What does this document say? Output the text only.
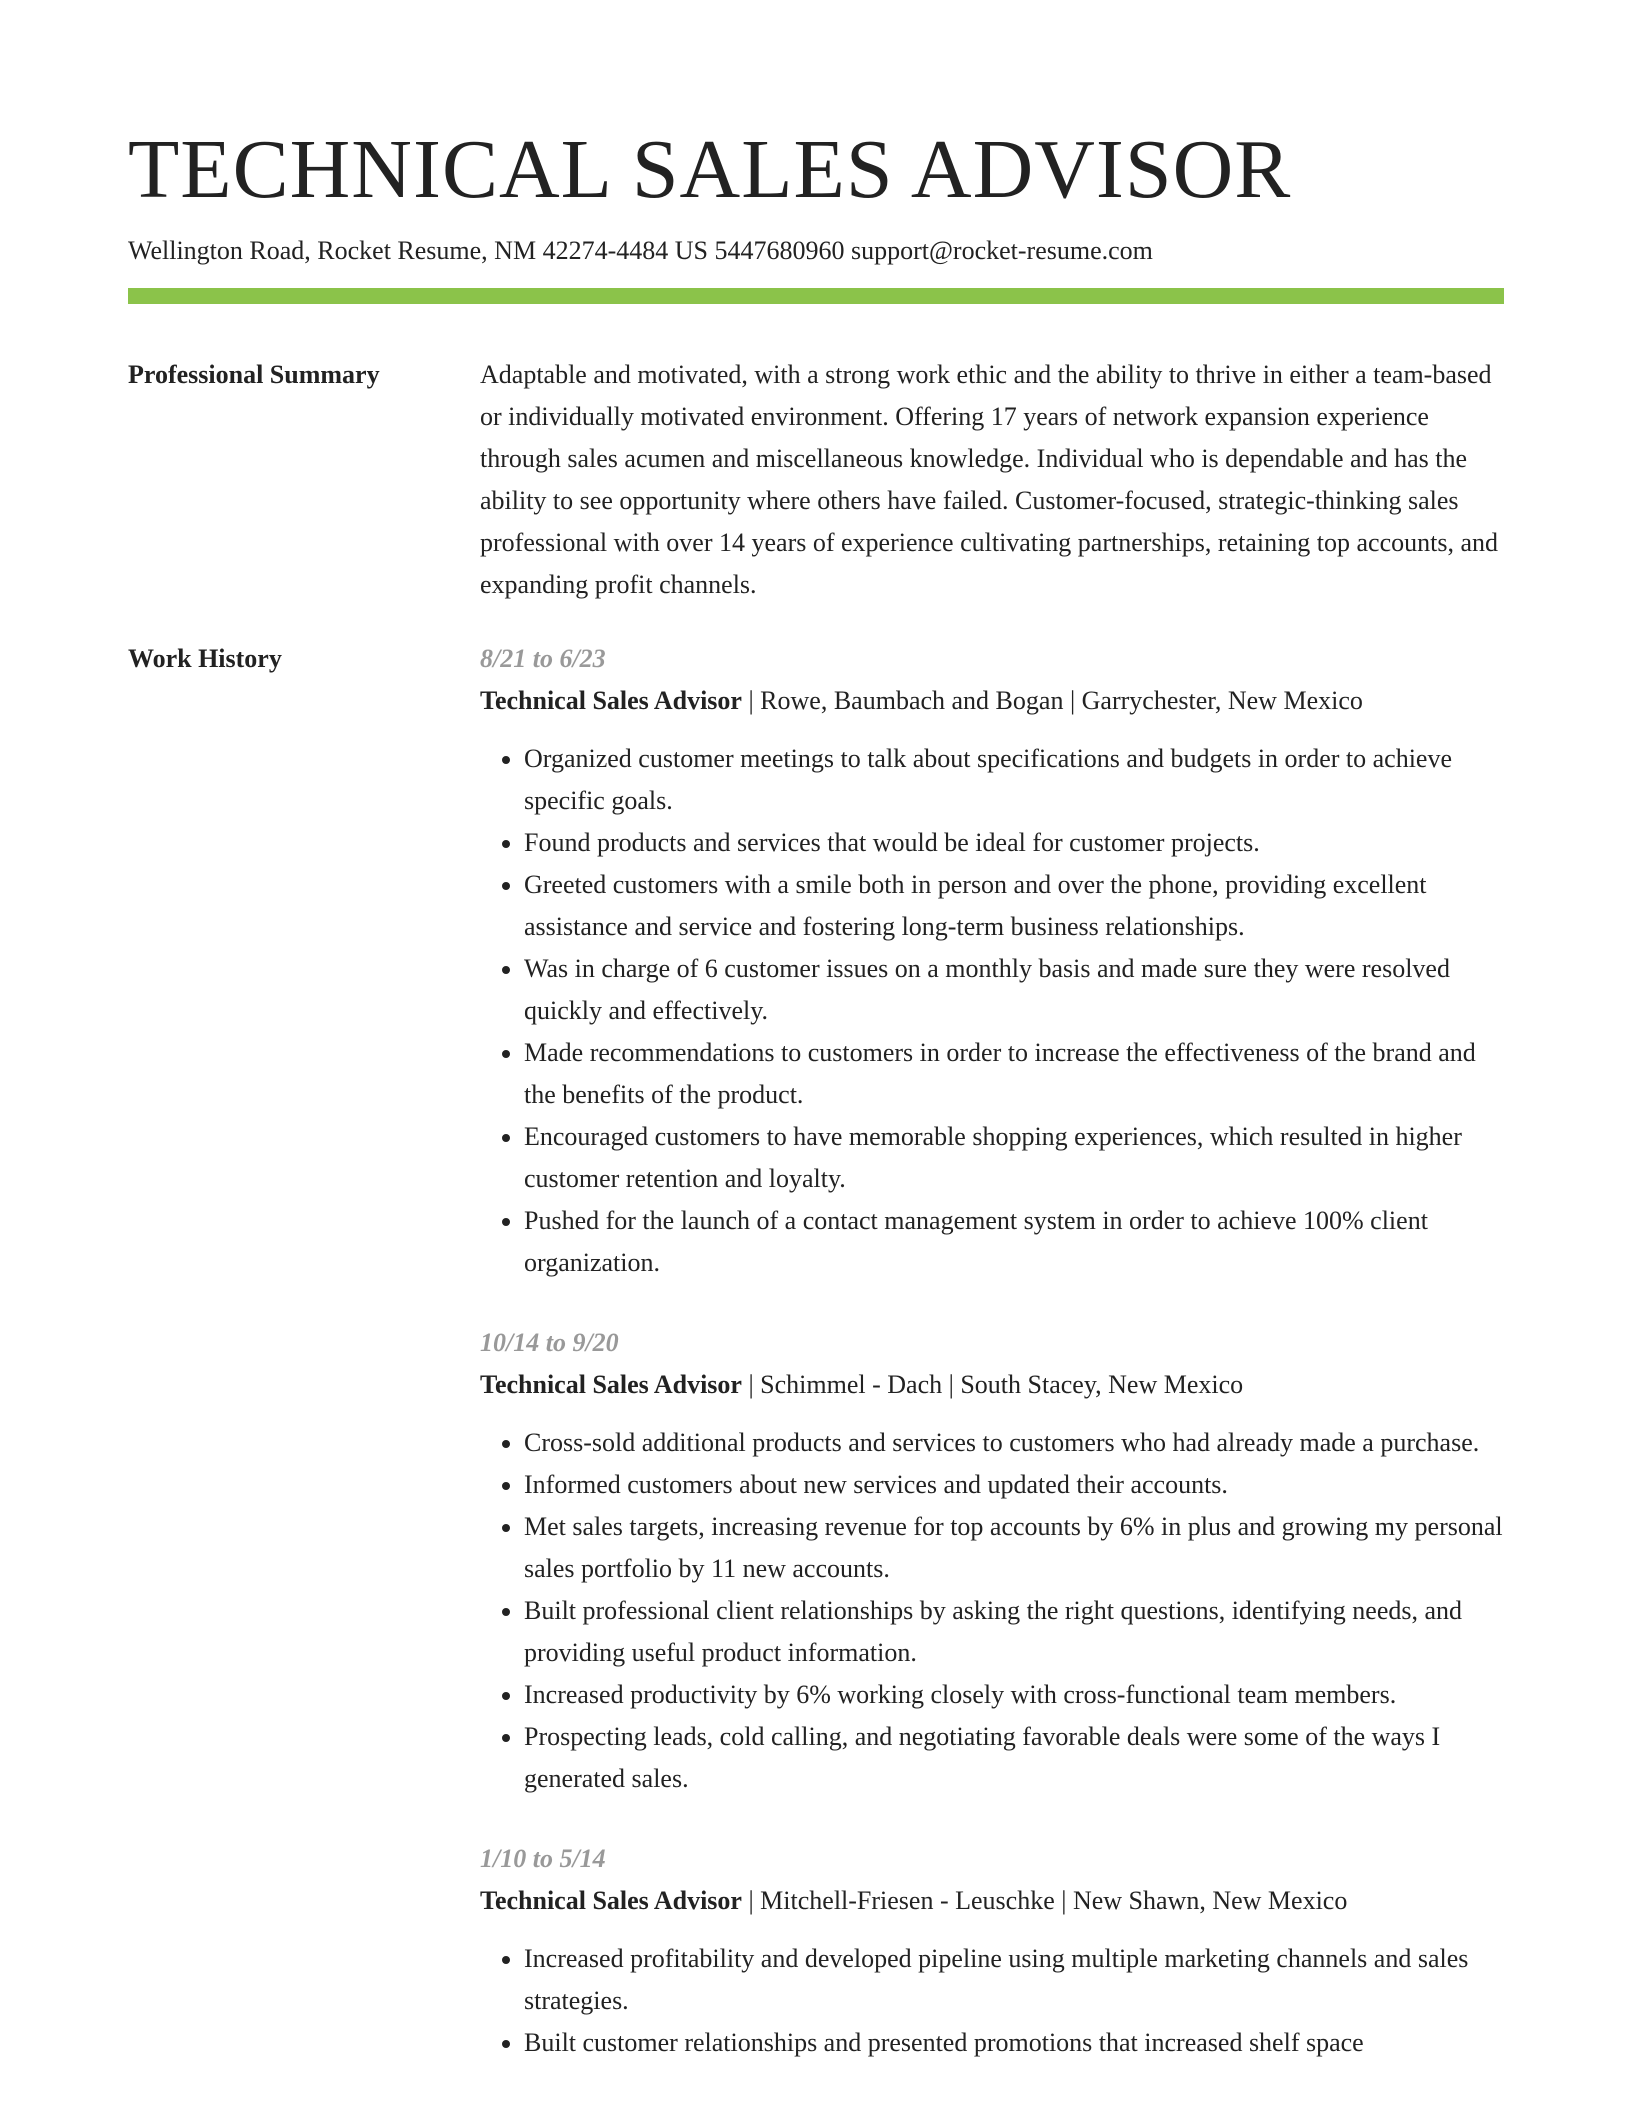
TECHNICAL SALES ADVISOR
Wellington Road, Rocket Resume, NM 42274-4484 US 5447680960 support@rocket-resume.com
Professional Summary	Adaptable and motivated, with a strong work ethic and the ability to thrive in either a team-based or individually motivated environment. Offering 17 years of network expansion experience through sales acumen and miscellaneous knowledge. Individual who is dependable and has the ability to see opportunity where others have failed. Customer-focused, strategic-thinking sales professional with over 14 years of experience cultivating partnerships, retaining top accounts, and expanding profit channels.
Work History	8/21 to 6/23
Technical Sales Advisor | Rowe, Baumbach and Bogan | Garrychester, New Mexico
• Organized customer meetings to talk about specifications and budgets in order to achieve specific goals.
• Found products and services that would be ideal for customer projects.
• Greeted customers with a smile both in person and over the phone, providing excellent assistance and service and fostering long-term business relationships.
• Was in charge of 6 customer issues on a monthly basis and made sure they were resolved quickly and effectively.
• Made recommendations to customers in order to increase the effectiveness of the brand and the benefits of the product.
• Encouraged customers to have memorable shopping experiences, which resulted in higher customer retention and loyalty.
• Pushed for the launch of a contact management system in order to achieve 100% client organization.
10/14 to 9/20
Technical Sales Advisor | Schimmel - Dach | South Stacey, New Mexico
• Cross-sold additional products and services to customers who had already made a purchase.
• Informed customers about new services and updated their accounts.
• Met sales targets, increasing revenue for top accounts by 6% in plus and growing my personal sales portfolio by 11 new accounts.
• Built professional client relationships by asking the right questions, identifying needs, and providing useful product information.
• Increased productivity by 6% working closely with cross-functional team members.
• Prospecting leads, cold calling, and negotiating favorable deals were some of the ways I generated sales.
1/10 to 5/14
Technical Sales Advisor | Mitchell-Friesen - Leuschke | New Shawn, New Mexico
• Increased profitability and developed pipeline using multiple marketing channels and sales strategies.
• Built customer relationships and presented promotions that increased shelf space
